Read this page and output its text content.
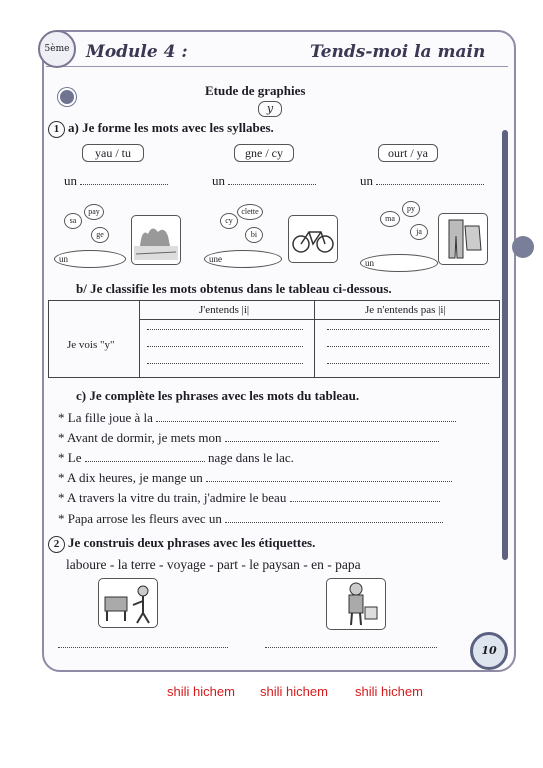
5ème Module 4 :	Tends-moi la main
Etude de graphies
y
1 a) Je forme les mots avec les syllabes.
yau / tu	gne / cy	ourt / ya
un	un	un
pay
sa
ge
un
clette
cy
bi
une
py
ma
ja
un
b/ Je classifie les mots obtenus dans le tableau ci-dessous.
J'entends |i|	Je n'entends pas |i|
Je vois "y"
c) Je complète les phrases avec les mots du tableau.
* La fille joue à la
* Avant de dormir, je mets mon
* Le	nage dans le lac.
* A dix heures, je mange un
* A travers la vitre du train, j'admire le beau
* Papa arrose les fleurs avec un
2 Je construis deux phrases avec les étiquettes.
laboure - la terre - voyage - part - le paysan - en - papa
10
shili hichem shili hichem shili hichem
